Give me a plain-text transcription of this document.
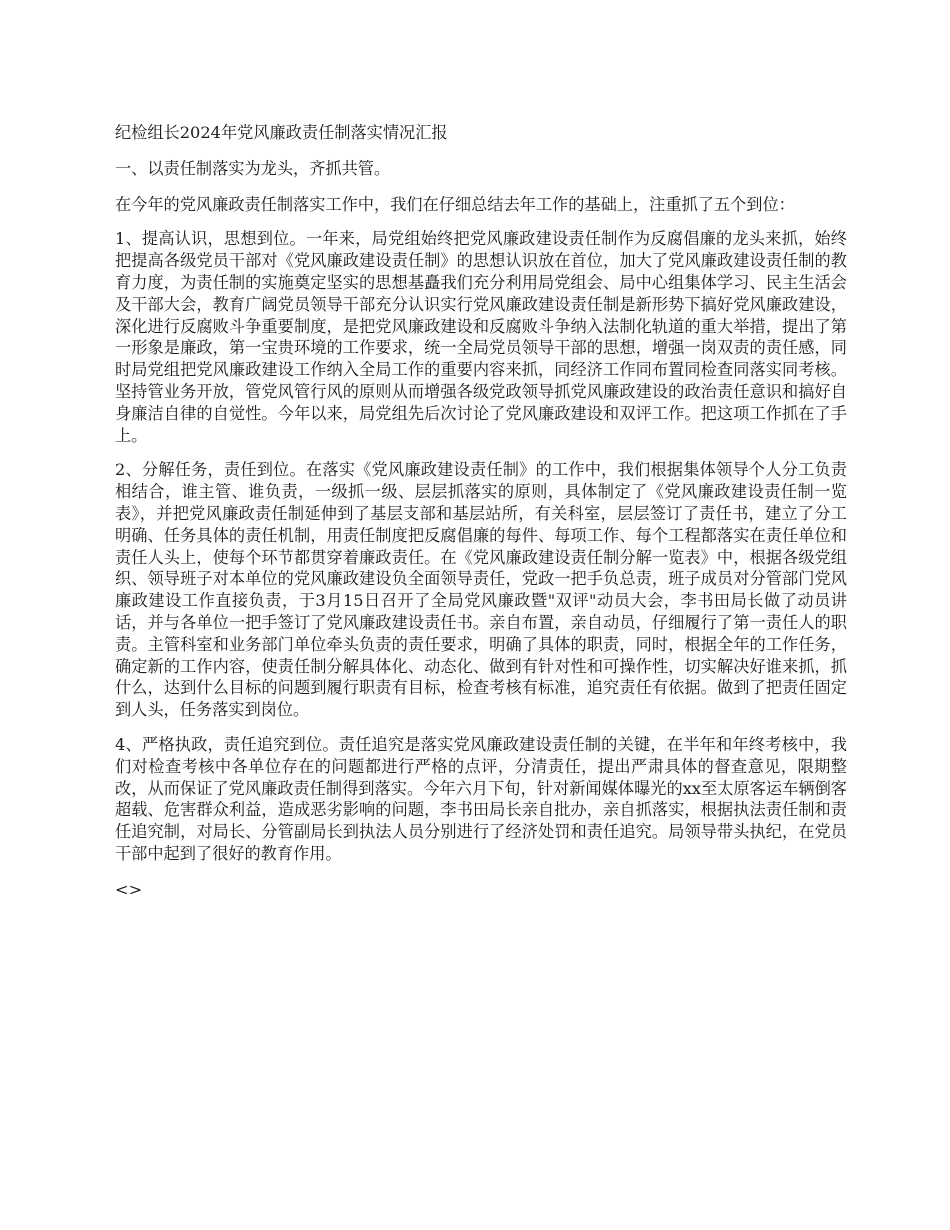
纪检组长2024年党风廉政责任制落实情况汇报

一、以责任制落实为龙头，齐抓共管。

在今年的党风廉政责任制落实工作中，我们在仔细总结去年工作的基础上，注重抓了五个到位：

1、提高认识，思想到位。一年来，局党组始终把党风廉政建设责任制作为反腐倡廉的龙头来抓，始终把提高各级党员干部对《党风廉政建设责任制》的思想认识放在首位，加大了党风廉政建设责任制的教育力度，为责任制的实施奠定坚实的思想基矗我们充分利用局党组会、局中心组集体学习、民主生活会及干部大会，教育广阔党员领导干部充分认识实行党风廉政建设责任制是新形势下搞好党风廉政建设，深化进行反腐败斗争重要制度，是把党风廉政建设和反腐败斗争纳入法制化轨道的重大举措，提出了第一形象是廉政，第一宝贵环境的工作要求，统一全局党员领导干部的思想，增强一岗双责的责任感，同时局党组把党风廉政建设工作纳入全局工作的重要内容来抓，同经济工作同布置同检查同落实同考核。坚持管业务开放，管党风管行风的原则从而增强各级党政领导抓党风廉政建设的政治责任意识和搞好自身廉洁自律的自觉性。今年以来，局党组先后次讨论了党风廉政建设和双评工作。把这项工作抓在了手上。

2、分解任务，责任到位。在落实《党风廉政建设责任制》的工作中，我们根据集体领导个人分工负责相结合，谁主管、谁负责，一级抓一级、层层抓落实的原则，具体制定了《党风廉政建设责任制一览表》，并把党风廉政责任制延伸到了基层支部和基层站所，有关科室，层层签订了责任书，建立了分工明确、任务具体的责任机制，用责任制度把反腐倡廉的每件、每项工作、每个工程都落实在责任单位和责任人头上，使每个环节都贯穿着廉政责任。在《党风廉政建设责任制分解一览表》中，根据各级党组织、领导班子对本单位的党风廉政建设负全面领导责任，党政一把手负总责，班子成员对分管部门党风廉政建设工作直接负责，于3月15日召开了全局党风廉政暨"双评"动员大会，李书田局长做了动员讲话，并与各单位一把手签订了党风廉政建设责任书。亲自布置，亲自动员，仔细履行了第一责任人的职责。主管科室和业务部门单位牵头负责的责任要求，明确了具体的职责，同时，根据全年的工作任务，确定新的工作内容，使责任制分解具体化、动态化、做到有针对性和可操作性，切实解决好谁来抓，抓什么，达到什么目标的问题到履行职责有目标，检查考核有标准，追究责任有依据。做到了把责任固定到人头，任务落实到岗位。

4、严格执政，责任追究到位。责任追究是落实党风廉政建设责任制的关键，在半年和年终考核中，我们对检查考核中各单位存在的问题都进行严格的点评，分清责任，提出严肃具体的督查意见，限期整改，从而保证了党风廉政责任制得到落实。今年六月下旬，针对新闻媒体曝光的xx至太原客运车辆倒客超载、危害群众利益，造成恶劣影响的问题，李书田局长亲自批办，亲自抓落实，根据执法责任制和责任追究制，对局长、分管副局长到执法人员分别进行了经济处罚和责任追究。局领导带头执纪，在党员干部中起到了很好的教育作用。

<>
